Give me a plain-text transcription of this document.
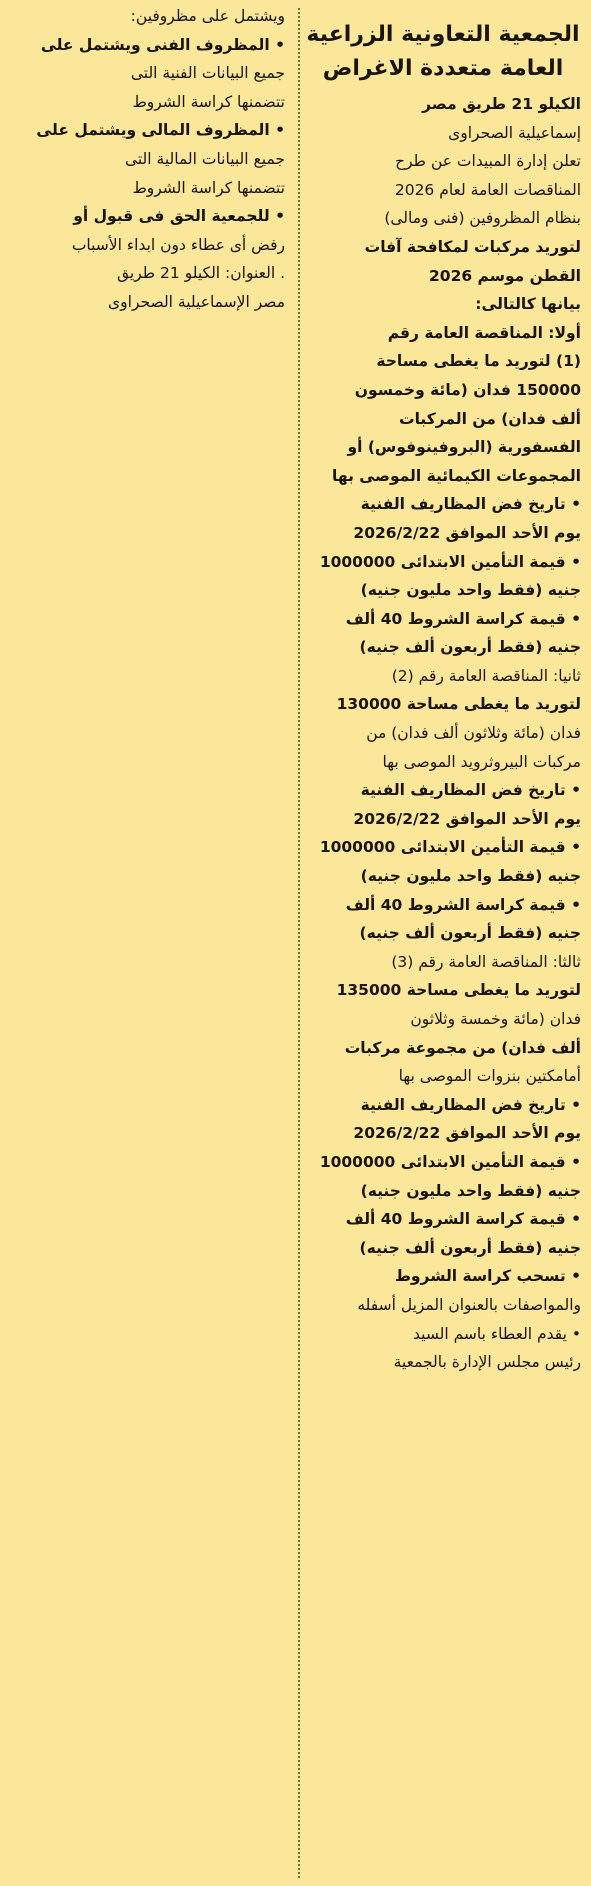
الجمعية التعاونية الزراعية العامة متعددة الاغراض
الكيلو 21 طريق مصر
إسماعيلية الصحراوى
تعلن إدارة المبيدات عن طرح
المناقصات العامة لعام 2026
بنظام المظروفين (فنى ومالى)
لتوريد مركبات لمكافحة آفات
القطن موسم 2026
بيانها كالتالى:
أولا: المناقصة العامة رقم
(1) لتوريد ما يغطى مساحة
150000 فدان (مائة وخمسون
ألف فدان) من المركبات
الفسفورية (البروفينوفوس) أو
المجموعات الكيمائية الموصى بها
• تاريخ فض المظاريف الفنية
يوم الأحد الموافق 2026/2/22
• قيمة التأمين الابتدائى 1000000
جنيه (فقط واحد مليون جنيه)
• قيمة كراسة الشروط 40 ألف
جنيه (فقط أربعون ألف جنيه)
ثانيا: المناقصة العامة رقم (2)
لتوريد ما يغطى مساحة 130000
فدان (مائة وثلاثون ألف فدان) من
مركبات البيروثرويد الموصى بها
• تاريخ فض المظاريف الفنية
يوم الأحد الموافق 2026/2/22
• قيمة التأمين الابتدائى 1000000
جنيه (فقط واحد مليون جنيه)
• قيمة كراسة الشروط 40 ألف
جنيه (فقط أربعون ألف جنيه)
ثالثا: المناقصة العامة رقم (3)
لتوريد ما يغطى مساحة 135000
فدان (مائة وخمسة وثلاثون
ألف فدان) من مجموعة مركبات
أمامكتين بنزوات الموصى بها
• تاريخ فض المظاريف الفنية
يوم الأحد الموافق 2026/2/22
• قيمة التأمين الابتدائى 1000000
جنيه (فقط واحد مليون جنيه)
• قيمة كراسة الشروط 40 ألف
جنيه (فقط أربعون ألف جنيه)
• تسحب كراسة الشروط
والمواصفات بالعنوان المزيل أسفله
• يقدم العطاء باسم السيد
رئيس مجلس الإدارة بالجمعية
ويشتمل على مظروفين:
• المظروف الفنى ويشتمل على
جميع البيانات الفنية التى
تتضمنها كراسة الشروط
• المظروف المالى ويشتمل على
جميع البيانات المالية التى
تتضمنها كراسة الشروط
• للجمعية الحق فى قبول أو
رفض أى عطاء دون ابداء الأسباب
. العنوان: الكيلو 21 طريق
مصر الإسماعيلية الصحراوى
